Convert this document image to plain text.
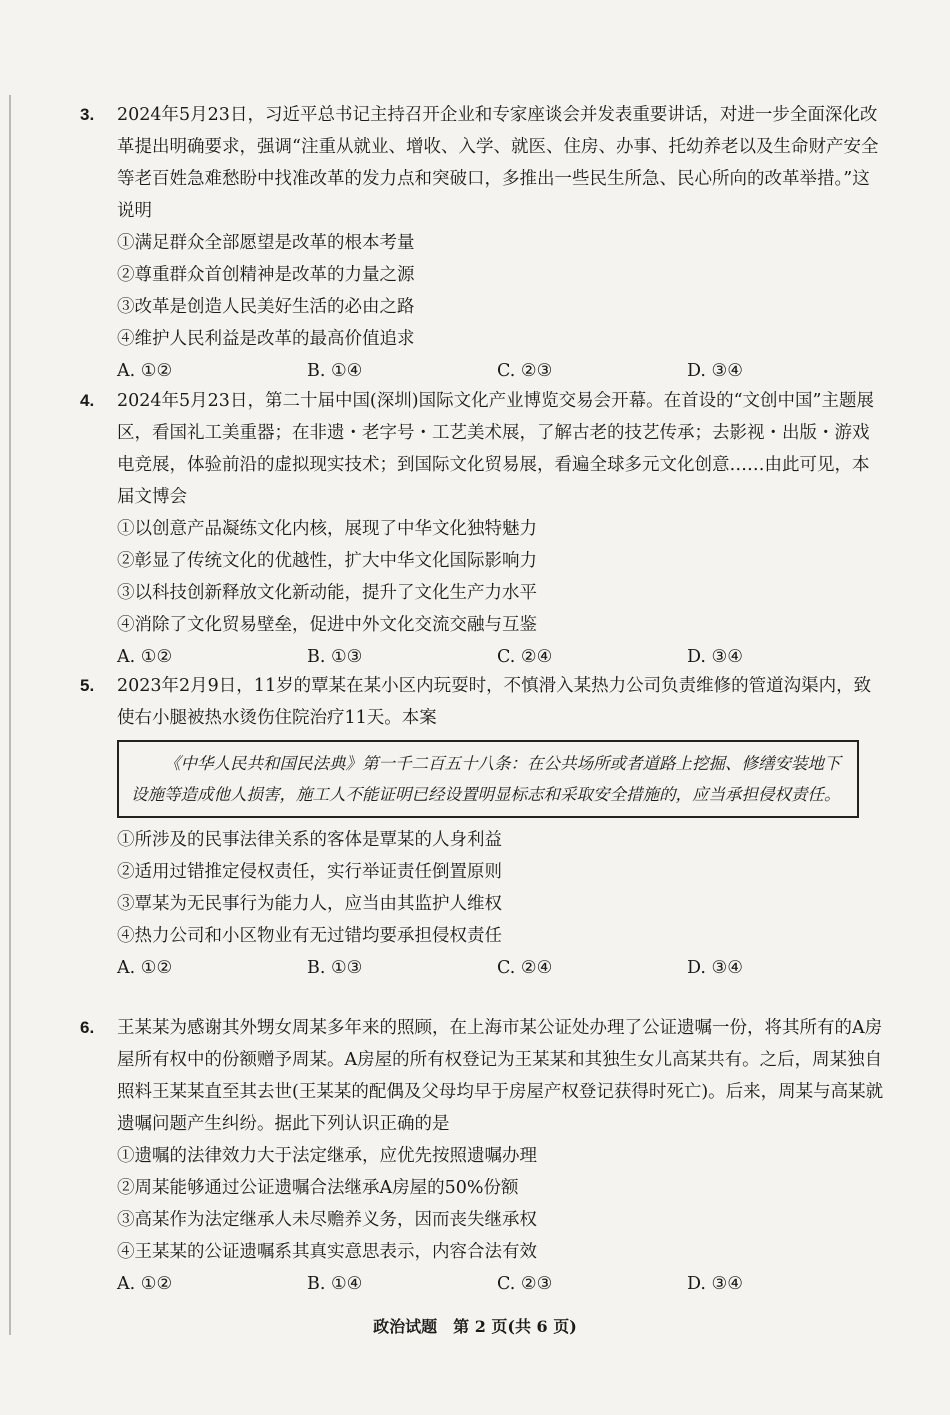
3. 2024年5月23日，习近平总书记主持召开企业和专家座谈会并发表重要讲话，对进一步全面深化改革提出明确要求，强调“注重从就业、增收、入学、就医、住房、办事、托幼养老以及生命财产安全等老百姓急难愁盼中找准改革的发力点和突破口，多推出一些民生所急、民心所向的改革举措。”这说明
①满足群众全部愿望是改革的根本考量
②尊重群众首创精神是改革的力量之源
③改革是创造人民美好生活的必由之路
④维护人民利益是改革的最高价值追求
A. ①②	B. ①④	C. ②③	D. ③④
4. 2024年5月23日，第二十届中国(深圳)国际文化产业博览交易会开幕。在首设的“文创中国”主题展区，看国礼工美重器；在非遗・老字号・工艺美术展，了解古老的技艺传承；去影视・出版・游戏电竞展，体验前沿的虚拟现实技术；到国际文化贸易展，看遍全球多元文化创意……由此可见，本届文博会
①以创意产品凝练文化内核，展现了中华文化独特魅力
②彰显了传统文化的优越性，扩大中华文化国际影响力
③以科技创新释放文化新动能，提升了文化生产力水平
④消除了文化贸易壁垒，促进中外文化交流交融与互鉴
A. ①②	B. ①③	C. ②④	D. ③④
5. 2023年2月9日，11岁的覃某在某小区内玩耍时，不慎滑入某热力公司负责维修的管道沟渠内，致使右小腿被热水烫伤住院治疗11天。本案
《中华人民共和国民法典》第一千二百五十八条：在公共场所或者道路上挖掘、修缮安装地下设施等造成他人损害，施工人不能证明已经设置明显标志和采取安全措施的，应当承担侵权责任。
①所涉及的民事法律关系的客体是覃某的人身利益
②适用过错推定侵权责任，实行举证责任倒置原则
③覃某为无民事行为能力人，应当由其监护人维权
④热力公司和小区物业有无过错均要承担侵权责任
A. ①②	B. ①③	C. ②④	D. ③④
6. 王某某为感谢其外甥女周某多年来的照顾，在上海市某公证处办理了公证遗嘱一份，将其所有的A房屋所有权中的份额赠予周某。A房屋的所有权登记为王某某和其独生女儿高某共有。之后，周某独自照料王某某直至其去世(王某某的配偶及父母均早于房屋产权登记获得时死亡)。后来，周某与高某就遗嘱问题产生纠纷。据此下列认识正确的是
①遗嘱的法律效力大于法定继承，应优先按照遗嘱办理
②周某能够通过公证遗嘱合法继承A房屋的50%份额
③高某作为法定继承人未尽赡养义务，因而丧失继承权
④王某某的公证遗嘱系其真实意思表示，内容合法有效
A. ①②	B. ①④	C. ②③	D. ③④
政治试题　第 2 页(共 6 页)
